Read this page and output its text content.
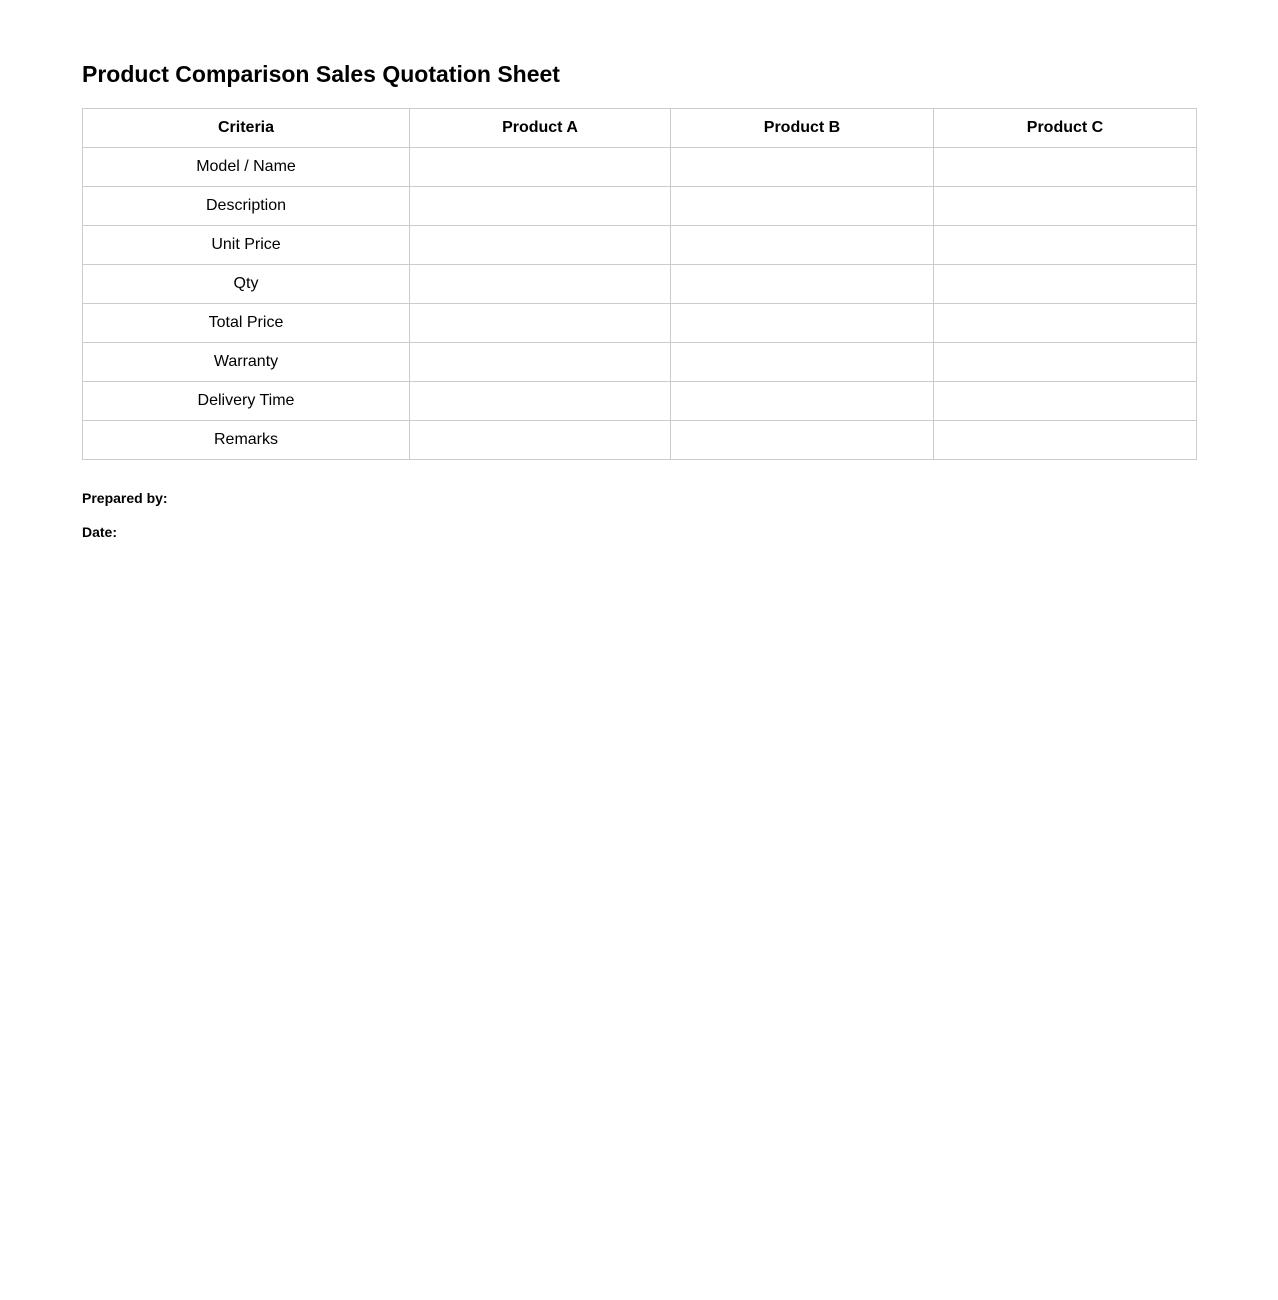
Product Comparison Sales Quotation Sheet
Criteria	Product A	Product B	Product C
Model / Name			
Description			
Unit Price			
Qty			
Total Price			
Warranty			
Delivery Time			
Remarks			

Prepared by:

Date:
